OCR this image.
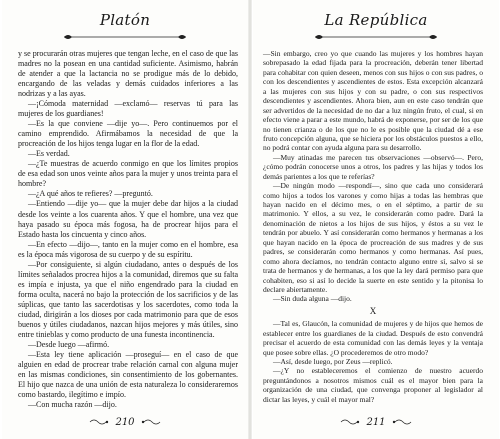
Platón

y se procurarán otras mujeres que tengan leche, en el caso de que las madres no la posean en una cantidad suficiente. Asimismo, habrán de atender a que la lactancia no se prodigue más de lo debido, encargando de las veladas y demás cuidados inferiores a las nodrizas y a las ayas.

—¡Cómoda maternidad —exclamó— reservas tú para las mujeres de los guardianes!

—Es la que conviene —dije yo—. Pero continuemos por el camino emprendido. Afirmábamos la necesidad de que la procreación de los hijos tenga lugar en la flor de la edad.

—Es verdad.

—¿Te muestras de acuerdo conmigo en que los límites propios de esa edad son unos veinte años para la mujer y unos treinta para el hombre?

—¿A qué años te refieres? —preguntó.

—Entiendo —dije yo— que la mujer debe dar hijos a la ciudad desde los veinte a los cuarenta años. Y que el hombre, una vez que haya pasado su época más fogosa, ha de procrear hijos para el Estado hasta los cincuenta y cinco años.

—En efecto —dijo—, tanto en la mujer como en el hombre, esa es la época más vigorosa de su cuerpo y de su espíritu.

—Por consiguiente, si algún ciudadano, antes o después de los límites señalados procrea hijos a la comunidad, diremos que su falta es impía e injusta, ya que el niño engendrado para la ciudad en forma oculta, nacerá no bajo la protección de los sacrificios y de las súplicas, que tanto las sacerdotisas y los sacerdotes, como toda la ciudad, dirigirán a los dioses por cada matrimonio para que de esos buenos y útiles ciudadanos, nazcan hijos mejores y más útiles, sino entre tinieblas y como producto de una funesta incontinencia.

—Desde luego —afirmó.

—Esta ley tiene aplicación —proseguí— en el caso de que alguien en edad de procrear trabe relación carnal con alguna mujer en las mismas condiciones, sin consentimiento de los gobernantes. El hijo que nazca de una unión de esta naturaleza lo consideraremos como bastardo, ilegítimo e impío.

—Con mucha razón —dijo.

210
La República

—Sin embargo, creo yo que cuando las mujeres y los hombres hayan sobrepasado la edad fijada para la procreación, deberán tener libertad para cohabitar con quien deseen, menos con sus hijos o con sus padres, o con los descendientes y ascendientes de estos. Esta excepción alcanzará a las mujeres con sus hijos y con su padre, o con sus respectivos descendientes y ascendientes. Ahora bien, aun en este caso tendrán que ser advertidos de la necesidad de no dar a luz ningún fruto, el cual, si en efecto viene a parar a este mundo, habrá de exponerse, por ser de los que no tienen crianza o de los que no le es posible que la ciudad dé a ese fruto concepción alguna, que se hiciera por los obstáculos puestos a ello, no podrá contar con ayuda alguna para su desarrollo.

—Muy atinadas me parecen tus observaciones —observó—. Pero, ¿cómo podrán conocerse unos a otros, los padres y las hijas y todos los demás parientes a los que te referías?

—De ningún modo —respondí—, sino que cada uno considerará como hijos a todos los varones y como hijas a todas las hembras que hayan nacido en el décimo mes, o en el séptimo, a partir de su matrimonio. Y ellos, a su vez, le considerarán como padre. Dará la denominación de nietos a los hijos de sus hijos, y éstos a su vez le tendrán por abuelo. Y así considerarán como hermanos y hermanas a los que hayan nacido en la época de procreación de sus madres y de sus padres, se considerarán como hermanos y como hermanas. Así pues, como ahora decíamos, no tendrán contacto alguno entre sí, salvo si se trata de hermanos y de hermanas, a los que la ley dará permiso para que cohabiten, eso si así lo decide la suerte en este sentido y la pitonisa lo declare abiertamente.

—Sin duda alguna —dijo.

X

—Tal es, Glaucón, la comunidad de mujeres y de hijos que hemos de establecer entre los guardianes de la ciudad. Después de esto convendrá precisar el acuerdo de esta comunidad con las demás leyes y la ventaja que posee sobre ellas. ¿O procederemos de otro modo?

—Así, desde luego, por Zeus —replicó.

—¿Y no estableceremos el comienzo de nuestro acuerdo preguntándonos a nosotros mismos cuál es el mayor bien para la organización de una ciudad, que convenga proponer al legislador al dictar las leyes, y cuál el mayor mal?

211
